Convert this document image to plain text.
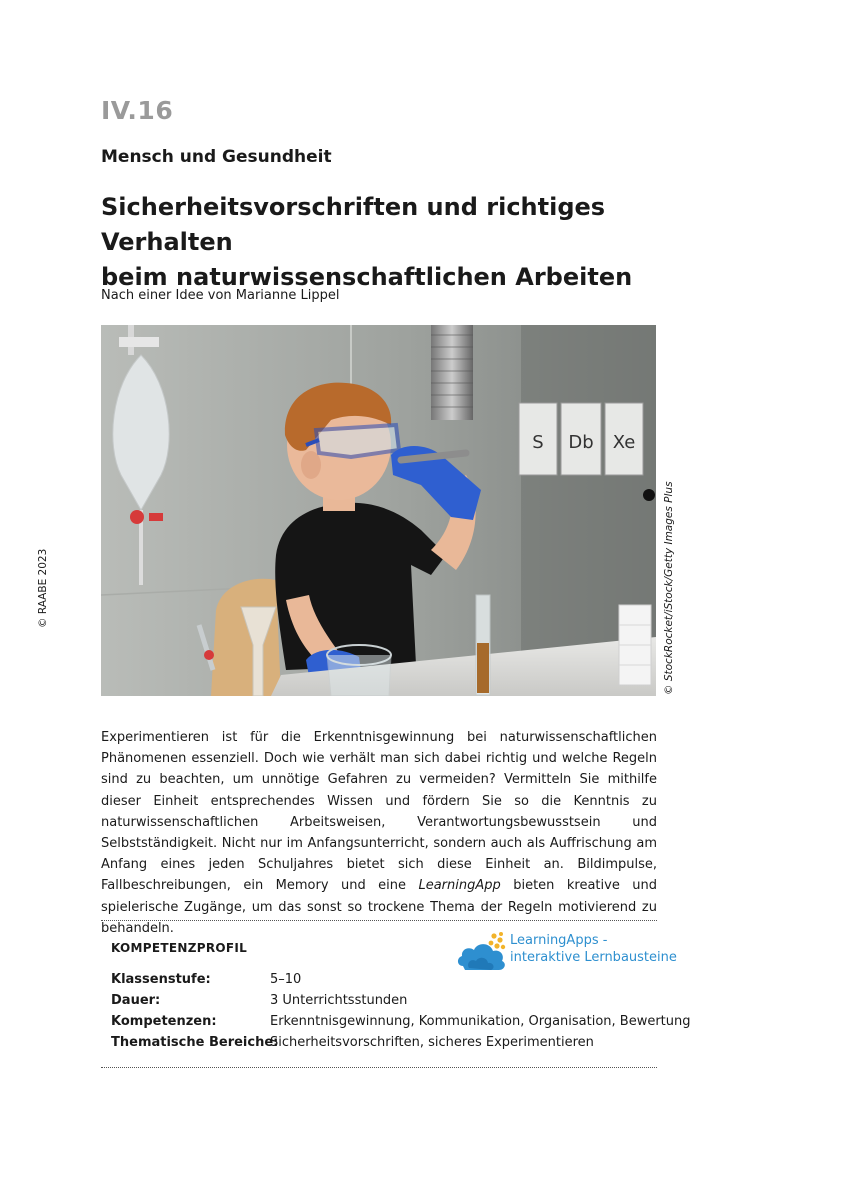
IV.16
Mensch und Gesundheit
Sicherheitsvorschriften und richtiges Verhalten
beim naturwissenschaftlichen Arbeiten
Nach einer Idee von Marianne Lippel
S Db Xe
© StockRocket/iStock/Getty Images Plus
© RAABE 2023
Experimentieren ist für die Erkenntnisgewinnung bei naturwissenschaftlichen Phänomenen essenziell. Doch wie verhält man sich dabei richtig und welche Regeln sind zu beachten, um unnötige Gefahren zu vermeiden? Vermitteln Sie mithilfe dieser Einheit entsprechendes Wissen und fördern Sie so die Kenntnis zu naturwissenschaftlichen Arbeitsweisen, Verantwortungsbewusstsein und Selbstständigkeit. Nicht nur im Anfangsunterricht, sondern auch als Auffrischung am Anfang eines jeden Schuljahres bietet sich diese Einheit an. Bildimpulse, Fallbeschreibungen, ein Memory und eine LearningApp bieten kreative und spielerische Zugänge, um das sonst so trockene Thema der Regeln motivierend zu behandeln.
KOMPETENZPROFIL	LearningApps -
interaktive Lernbausteine
Klassenstufe:	5–10
Dauer:	3 Unterrichtsstunden
Kompetenzen:	Erkenntnisgewinnung, Kommunikation, Organisation, Bewertung
Thematische Bereiche:
Sicherheitsvorschriften, sicheres Experimentieren
